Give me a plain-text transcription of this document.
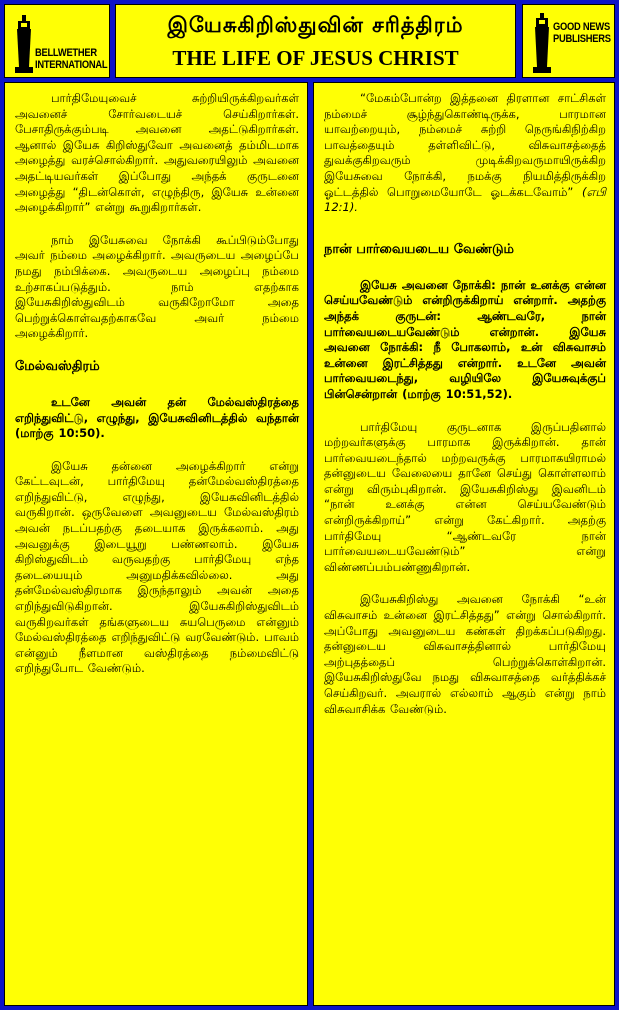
BELLWETHER
INTERNATIONAL
இயேசுகிறிஸ்துவின் சரித்திரம்
THE LIFE OF JESUS CHRIST
GOOD NEWS
PUBLISHERS

பார்திமேயுவைச் சுற்றியிருக்கிறவர்கள் அவனைச் சோர்வடையச் செய்கிறார்கள். பேசாதிருக்கும்படி அவனை அதட்டுகிறார்கள். ஆனால் இயேசு கிறிஸ்துவோ அவனைத் தம்மிடமாக அழைத்து வரச்சொல்கிறார். அதுவரையிலும் அவனை அதட்டியவர்கள் இப்போது அந்தக் குருடனை அழைத்து “திடன்கொள், எழுந்திரு, இயேசு உன்னை அழைக்கிறார்” என்று கூறுகிறார்கள்.

நாம் இயேசுவை நோக்கி கூப்பிடும்போது அவர் நம்மை அழைக்கிறார். அவருடைய அழைப்பே நமது நம்பிக்கை. அவருடைய அழைப்பு நம்மை உற்சாகப்படுத்தும். நாம் எதற்காக இயேசுகிறிஸ்துவிடம் வருகிறோமோ அதை பெற்றுக்கொள்வதற்காகவே அவர் நம்மை அழைக்கிறார்.

மேல்வஸ்திரம்

உடனே அவன் தன் மேல்வஸ்திரத்தை எறிந்துவிட்டு, எழுந்து, இயேசுவினிடத்தில் வந்தான் (மாற்கு 10:50).

இயேசு தன்னை அழைக்கிறார் என்று கேட்டவுடன், பார்திமேயு தன்மேல்வஸ்திரத்தை எறிந்துவிட்டு, எழுந்து, இயேசுவினிடத்தில் வருகிறான். ஒருவேளை அவனுடைய மேல்வஸ்திரம் அவன் நடப்பதற்கு தடையாக இருக்கலாம். அது அவனுக்கு இடையூறு பண்ணலாம். இயேசு கிறிஸ்துவிடம் வருவதற்கு பார்திமேயு எந்த தடையையும் அனுமதிக்கவில்லை. அது தன்மேல்வஸ்திரமாக இருந்தாலும் அவன் அதை எறிந்துவிடுகிறான். இயேசுகிறிஸ்துவிடம் வருகிறவர்கள் தங்களுடைய சுயபெருமை என்னும் மேல்வஸ்திரத்தை எறிந்துவிட்டு வரவேண்டும். பாவம் என்னும் நீளமான வஸ்திரத்தை நம்மைவிட்டு எறிந்துபோட வேண்டும்.

“மேகம்போன்ற இத்தனை திரளான சாட்சிகள் நம்மைச் சூழ்ந்துகொண்டிருக்க, பாரமான யாவற்றையும், நம்மைச் சுற்றி நெருங்கிநிற்கிற பாவத்தையும் தள்ளிவிட்டு, விசுவாசத்தைத் துவக்குகிறவரும் முடிக்கிறவருமாயிருக்கிற இயேசுவை நோக்கி, நமக்கு நியமித்திருக்கிற ஓட்டத்தில் பொறுமையோடே ஓடக்கடவோம்” (எபி 12:1).

நான் பார்வையடைய வேண்டும்

இயேசு அவனை நோக்கி: நான் உனக்கு என்ன செய்யவேண்டும் என்றிருக்கிறாய் என்றார். அதற்கு அந்தக் குருடன்: ஆண்டவரே, நான் பார்வையடையவேண்டும் என்றான். இயேசு அவனை நோக்கி: நீ போகலாம், உன் விசுவாசம் உன்னை இரட்சித்தது என்றார். உடனே அவன் பார்வையடைந்து, வழியிலே இயேசுவுக்குப் பின்சென்றான் (மாற்கு 10:51,52).

பார்திமேயு குருடனாக இருப்பதினால் மற்றவர்களுக்கு பாரமாக இருக்கிறான். தான் பார்வையடைந்தால் மற்றவருக்கு பாரமாகயிராமல் தன்னுடைய வேலையை தானே செய்து கொள்ளலாம் என்று விரும்புகிறான். இயேசுகிறிஸ்து இவனிடம் “நான் உனக்கு என்ன செய்யவேண்டும் என்றிருக்கிறாய்” என்று கேட்கிறார். அதற்கு பார்திமேயு “ஆண்டவரே நான் பார்வையடையவேண்டும்” என்று விண்ணப்பம்பண்ணுகிறான்.

இயேசுகிறிஸ்து அவனை நோக்கி “உன் விசுவாசம் உன்னை இரட்சித்தது” என்று சொல்கிறார். அப்போது அவனுடைய கண்கள் திறக்கப்படுகிறது. தன்னுடைய விசுவாசத்தினால் பார்திமேயு அற்புதத்தைப் பெற்றுக்கொள்கிறான். இயேசுகிறிஸ்துவே நமது விசுவாசத்தை வர்த்திக்கச் செய்கிறவர். அவரால் எல்லாம் ஆகும் என்று நாம் விசுவாசிக்க வேண்டும்.
